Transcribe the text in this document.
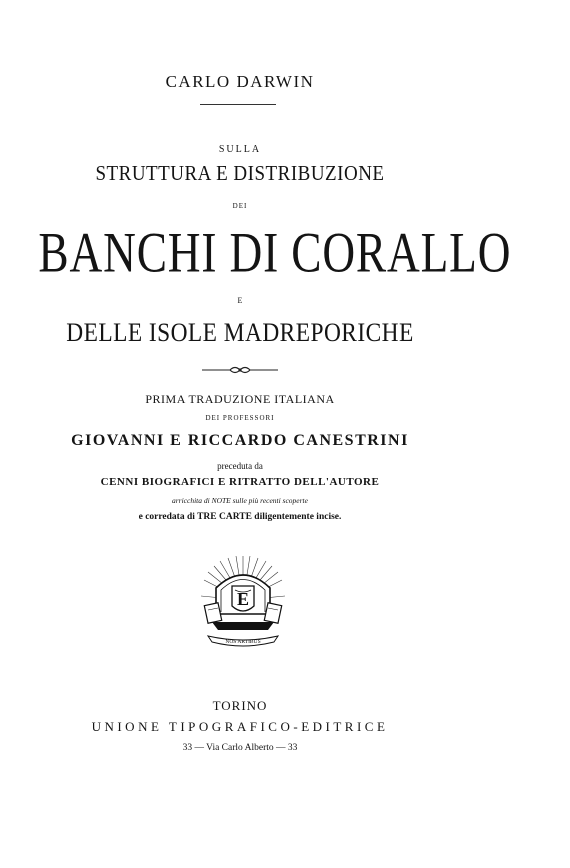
CARLO DARWIN
SULLA
STRUTTURA E DISTRIBUZIONE
DEI
BANCHI DI CORALLO
E
DELLE ISOLE MADREPORICHE
PRIMA TRADUZIONE ITALIANA
DEI PROFESSORI
GIOVANNI E RICCARDO CANESTRINI
preceduta da
CENNI BIOGRAFICI E RITRATTO DELL'AUTORE
arricchita di NOTE sulle più recenti scoperte
e corredata di TRE CARTE diligentemente incise.
E
NOS ARTIBUS
TORINO
UNIONE TIPOGRAFICO-EDITRICE
33 — Via Carlo Alberto — 33
